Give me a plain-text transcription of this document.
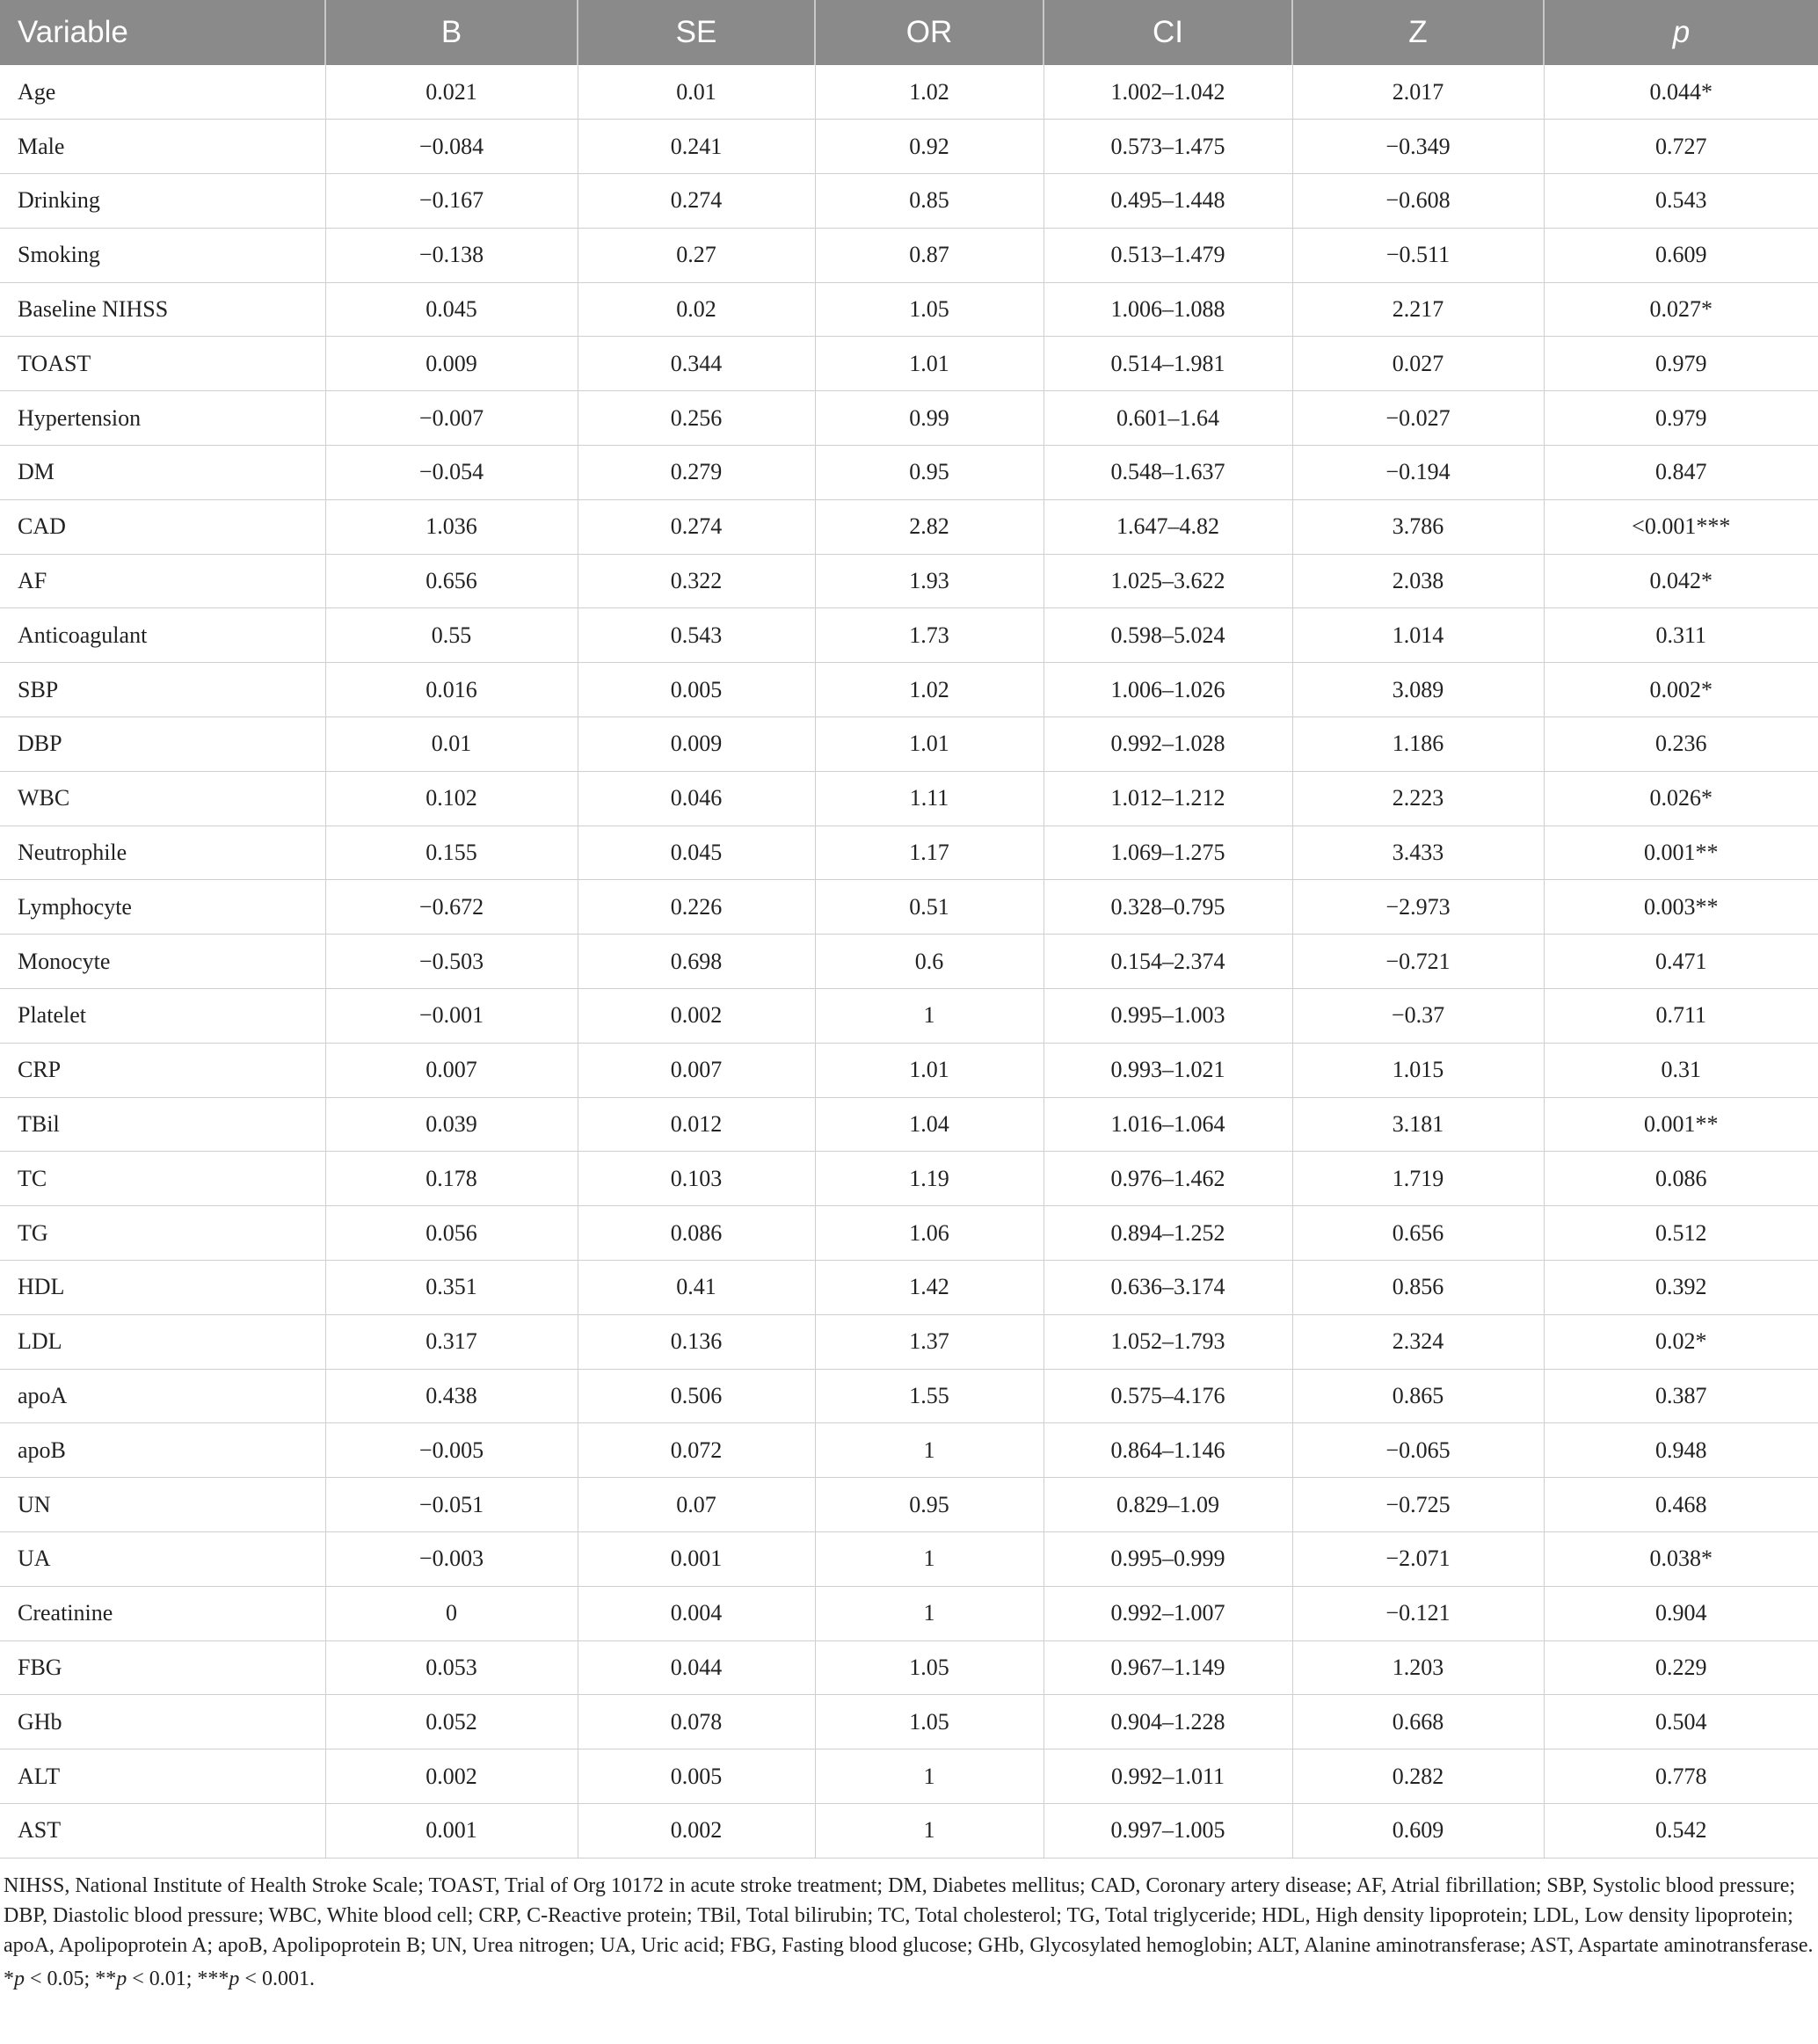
Variable	B	SE	OR	CI	Z	p
Age	0.021	0.01	1.02	1.002–1.042	2.017	0.044*
Male	−0.084	0.241	0.92	0.573–1.475	−0.349	0.727
Drinking	−0.167	0.274	0.85	0.495–1.448	−0.608	0.543
Smoking	−0.138	0.27	0.87	0.513–1.479	−0.511	0.609
Baseline NIHSS	0.045	0.02	1.05	1.006–1.088	2.217	0.027*
TOAST	0.009	0.344	1.01	0.514–1.981	0.027	0.979
Hypertension	−0.007	0.256	0.99	0.601–1.64	−0.027	0.979
DM	−0.054	0.279	0.95	0.548–1.637	−0.194	0.847
CAD	1.036	0.274	2.82	1.647–4.82	3.786	<0.001***
AF	0.656	0.322	1.93	1.025–3.622	2.038	0.042*
Anticoagulant	0.55	0.543	1.73	0.598–5.024	1.014	0.311
SBP	0.016	0.005	1.02	1.006–1.026	3.089	0.002*
DBP	0.01	0.009	1.01	0.992–1.028	1.186	0.236
WBC	0.102	0.046	1.11	1.012–1.212	2.223	0.026*
Neutrophile	0.155	0.045	1.17	1.069–1.275	3.433	0.001**
Lymphocyte	−0.672	0.226	0.51	0.328–0.795	−2.973	0.003**
Monocyte	−0.503	0.698	0.6	0.154–2.374	−0.721	0.471
Platelet	−0.001	0.002	1	0.995–1.003	−0.37	0.711
CRP	0.007	0.007	1.01	0.993–1.021	1.015	0.31
TBil	0.039	0.012	1.04	1.016–1.064	3.181	0.001**
TC	0.178	0.103	1.19	0.976–1.462	1.719	0.086
TG	0.056	0.086	1.06	0.894–1.252	0.656	0.512
HDL	0.351	0.41	1.42	0.636–3.174	0.856	0.392
LDL	0.317	0.136	1.37	1.052–1.793	2.324	0.02*
apoA	0.438	0.506	1.55	0.575–4.176	0.865	0.387
apoB	−0.005	0.072	1	0.864–1.146	−0.065	0.948
UN	−0.051	0.07	0.95	0.829–1.09	−0.725	0.468
UA	−0.003	0.001	1	0.995–0.999	−2.071	0.038*
Creatinine	0	0.004	1	0.992–1.007	−0.121	0.904
FBG	0.053	0.044	1.05	0.967–1.149	1.203	0.229
GHb	0.052	0.078	1.05	0.904–1.228	0.668	0.504
ALT	0.002	0.005	1	0.992–1.011	0.282	0.778
AST	0.001	0.002	1	0.997–1.005	0.609	0.542
NIHSS, National Institute of Health Stroke Scale; TOAST, Trial of Org 10172 in acute stroke treatment; DM, Diabetes mellitus; CAD, Coronary artery disease; AF, Atrial fibrillation; SBP, Systolic blood pressure; DBP, Diastolic blood pressure; WBC, White blood cell; CRP, C-Reactive protein; TBil, Total bilirubin; TC, Total cholesterol; TG, Total triglyceride; HDL, High density lipoprotein; LDL, Low density lipoprotein; apoA, Apolipoprotein A; apoB, Apolipoprotein B; UN, Urea nitrogen; UA, Uric acid; FBG, Fasting blood glucose; GHb, Glycosylated hemoglobin; ALT, Alanine aminotransferase; AST, Aspartate aminotransferase.
*p < 0.05; **p < 0.01; ***p < 0.001.
